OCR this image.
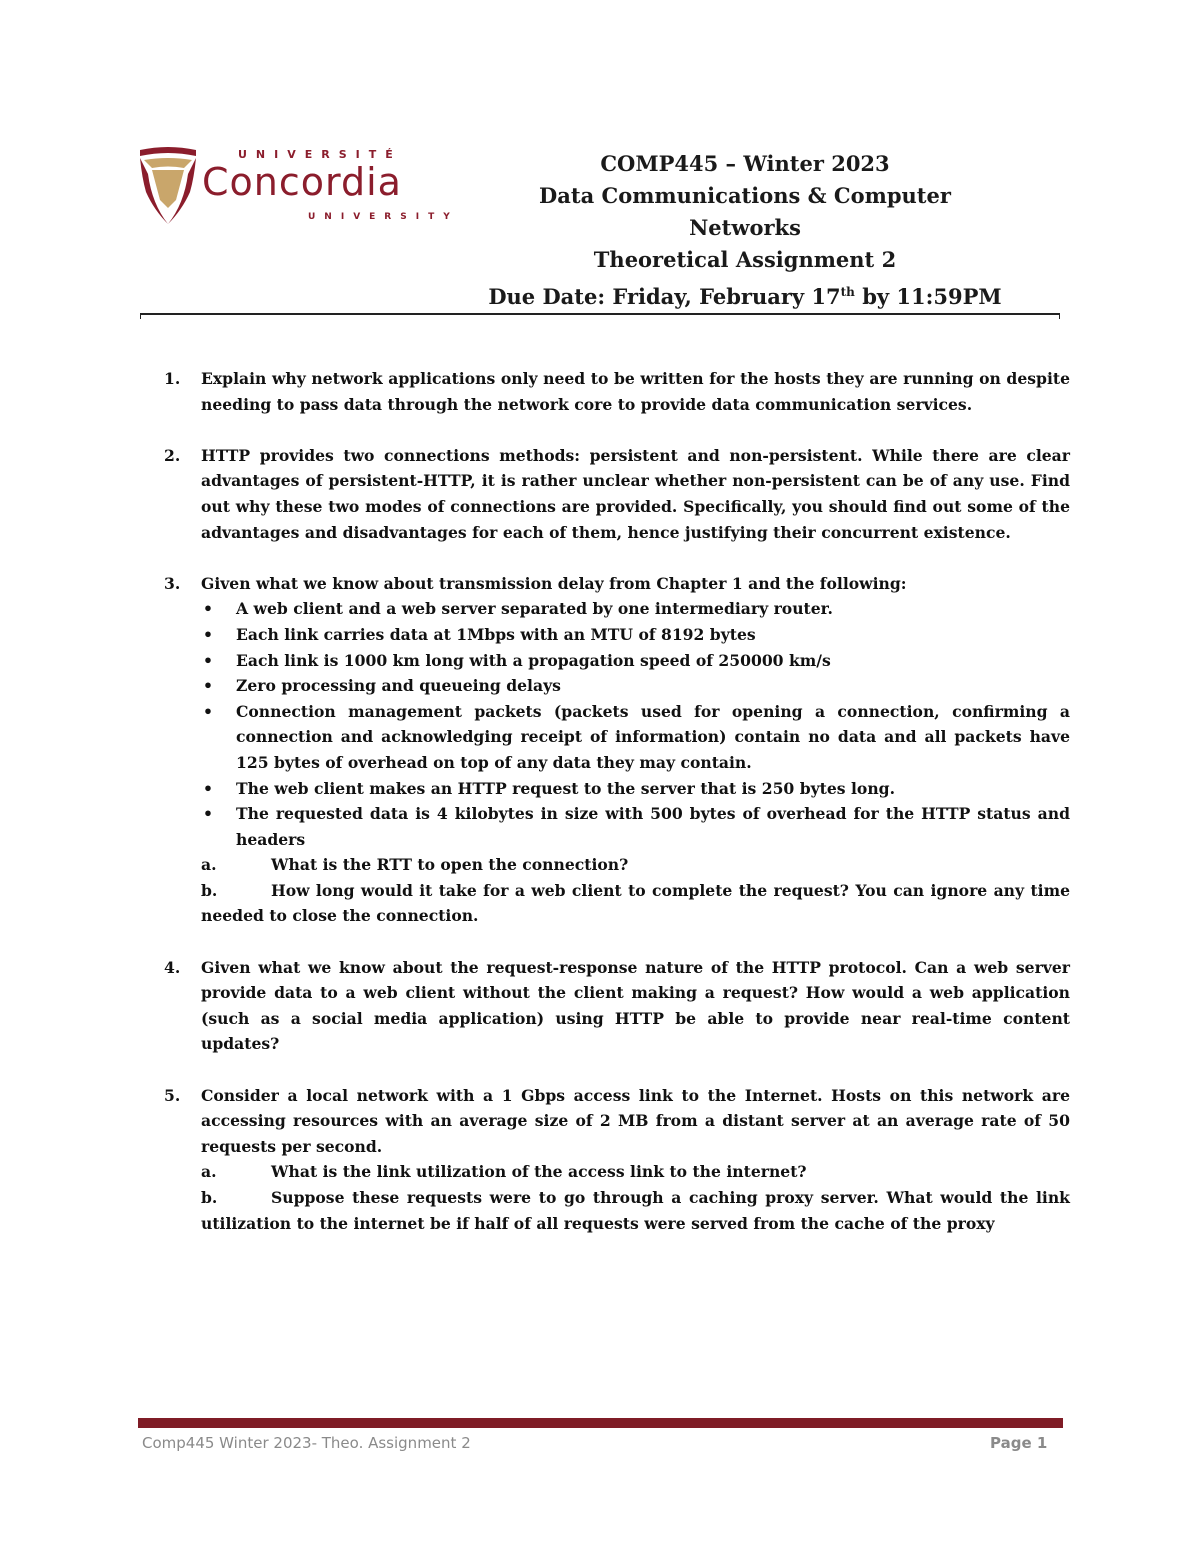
UNIVERSITÉ
Concordia
UNIVERSITY
COMP445 – Winter 2023
Data Communications & Computer Networks
Theoretical Assignment 2
Due Date: Friday, February 17th by 11:59PM
1. Explain why network applications only need to be written for the hosts they are running on despite needing to pass data through the network core to provide data communication services.

2. HTTP provides two connections methods: persistent and non-persistent. While there are clear advantages of persistent-HTTP, it is rather unclear whether non-persistent can be of any use. Find out why these two modes of connections are provided. Specifically, you should find out some of the advantages and disadvantages for each of them, hence justifying their concurrent existence.

3. Given what we know about transmission delay from Chapter 1 and the following:

• A web client and a web server separated by one intermediary router.
• Each link carries data at 1Mbps with an MTU of 8192 bytes
• Each link is 1000 km long with a propagation speed of 250000 km/s
• Zero processing and queueing delays
• Connection management packets (packets used for opening a connection, confirming a connection and acknowledging receipt of information) contain no data and all packets have 125 bytes of overhead on top of any data they may contain.
• The web client makes an HTTP request to the server that is 250 bytes long.
• The requested data is 4 kilobytes in size with 500 bytes of overhead for the HTTP status and headers

a.	What is the RTT to open the connection?

b.	How long would it take for a web client to complete the request? You can ignore any time needed to close the connection.

4. Given what we know about the request-response nature of the HTTP protocol. Can a web server provide data to a web client without the client making a request? How would a web application (such as a social media application) using HTTP be able to provide near real-time content updates?

5. Consider a local network with a 1 Gbps access link to the Internet. Hosts on this network are accessing resources with an average size of 2 MB from a distant server at an average rate of 50 requests per second.

a.	What is the link utilization of the access link to the internet?

b.	Suppose these requests were to go through a caching proxy server. What would the link utilization to the internet be if half of all requests were served from the cache of the proxy

Comp445 Winter 2023- Theo. Assignment 2	Page 1
